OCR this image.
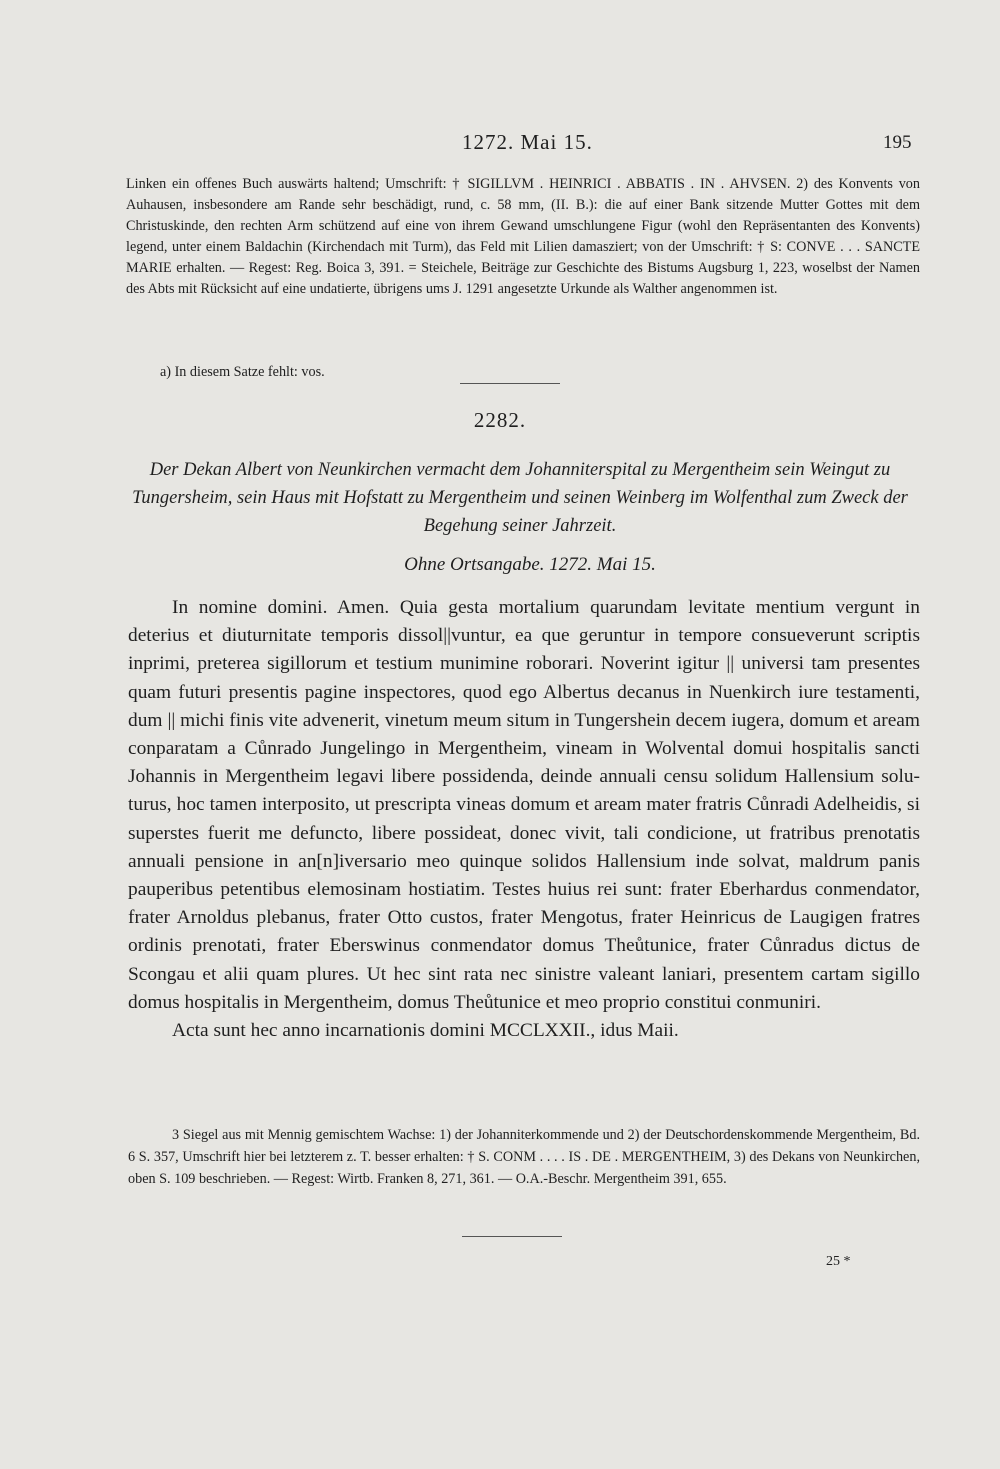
1272. Mai 15.	195

Linken ein offenes Buch auswärts haltend; Umschrift: † SIGILLVM . HEINRICI . ABBATIS . IN . AHVSEN. 2) des Konvents von Auhausen, insbesondere am Rande sehr beschädigt, rund, c. 58 mm, (II. B.): die auf einer Bank sitzende Mutter Gottes mit dem Christuskinde, den rechten Arm schützend auf eine von ihrem Gewand umschlungene Figur (wohl den Repräsentanten des Konvents) legend, unter einem Baldachin (Kirchendach mit Turm), das Feld mit Lilien damasziert; von der Umschrift: † S: CONVE . . . SANCTE MARIE erhalten. — Regest: Reg. Boica 3, 391. = Steichele, Beiträge zur Geschichte des Bistums Augsburg 1, 223, woselbst der Namen des Abts mit Rücksicht auf eine undatierte, übrigens ums J. 1291 angesetzte Urkunde als Walther angenommen ist.

a) In diesem Satze fehlt: vos.
2282.
Der Dekan Albert von Neunkirchen vermacht dem Johanniterspital zu Mergentheim sein Weingut zu Tungersheim, sein Haus mit Hofstatt zu Mergentheim und seinen Weinberg im Wolfenthal zum Zweck der Begehung seiner Jahrzeit.
Ohne Ortsangabe. 1272. Mai 15.

In nomine domini. Amen. Quia gesta mortalium quarundam levitate mentium vergunt in deterius et diuturnitate temporis dissol||vuntur, ea que geruntur in tempore consueverunt scriptis inprimi, preterea sigillorum et testium munimine roborari. Noverint igitur || universi tam presentes quam futuri presentis pagine inspectores, quod ego Albertus decanus in Nuenkirch iure testamenti, dum || michi finis vite advenerit, vinetum meum situm in Tungershein decem iugera, domum et aream conparatam a Cůnrado Jungelingo in Mergentheim, vineam in Wolvental domui hospitalis sancti Johannis in Mergentheim legavi libere possidenda, deinde annuali censu solidum Hallensium soluturus, hoc tamen interposito, ut prescripta vineas domum et aream mater fratris Cůnradi Adelheidis, si superstes fuerit me defuncto, libere possideat, donec vivit, tali condicione, ut fratribus prenotatis annuali pensione in an[n]iversario meo quinque solidos Hallensium inde solvat, maldrum panis pauperibus petentibus elemosinam hostiatim. Testes huius rei sunt: frater Eberhardus conmendator, frater Arnoldus plebanus, frater Otto custos, frater Mengotus, frater Heinricus de Laugigen fratres ordinis prenotati, frater Eberswinus conmendator domus Theůtunice, frater Cůnradus dictus de Scongau et alii quam plures. Ut hec sint rata nec sinistre valeant laniari, presentem cartam sigillo domus hospitalis in Mergentheim, domus Theůtunice et meo proprio constitui conmuniri.

Acta sunt hec anno incarnationis domini MCCLXXII., idus Maii.

3 Siegel aus mit Mennig gemischtem Wachse: 1) der Johanniterkommende und 2) der Deutschordenskommende Mergentheim, Bd. 6 S. 357, Umschrift hier bei letzterem z. T. besser erhalten: † S. CONM . . . . IS . DE . MERGENTHEIM, 3) des Dekans von Neunkirchen, oben S. 109 beschrieben. — Regest: Wirtb. Franken 8, 271, 361. — O.A.-Beschr. Mergentheim 391, 655.

25 *
